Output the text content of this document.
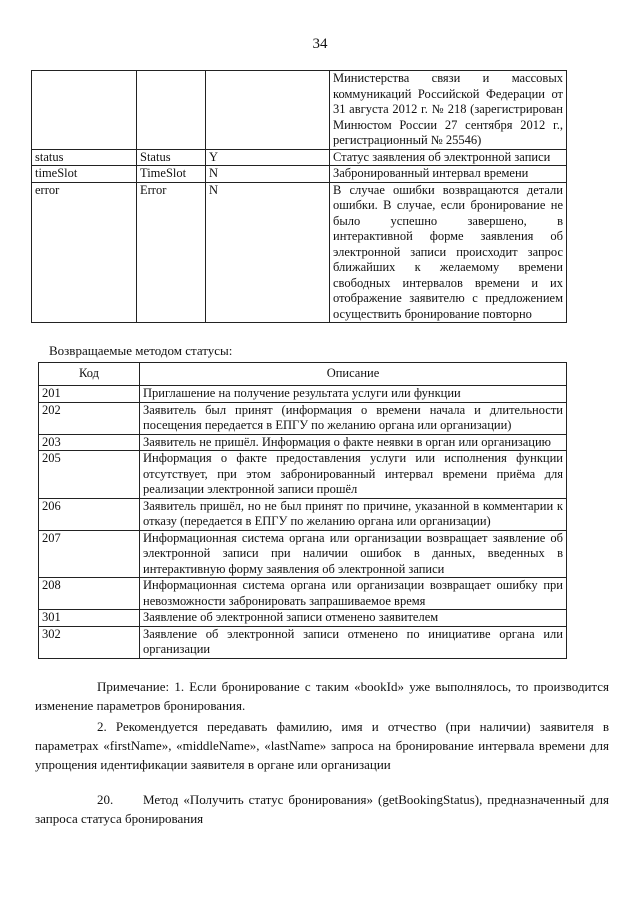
34
			Министерства связи и массовых коммуникаций Российской Федерации от 31 августа 2012 г. № 218 (зарегистрирован Минюстом России 27 сентября 2012 г., регистрационный № 25546)
status	Status	Y	Статус заявления об электронной записи
timeSlot	TimeSlot	N	Забронированный интервал времени
error	Error	N	В случае ошибки возвращаются детали ошибки. В случае, если бронирование не было успешно завершено, в интерактивной форме заявления об электронной записи происходит запрос ближайших к желаемому времени свободных интервалов времени и их отображение заявителю с предложением осуществить бронирование повторно
Возвращаемые методом статусы:
Код	Описание
201	Приглашение на получение результата услуги или функции
202	Заявитель был принят (информация о времени начала и длительности посещения передается в ЕПГУ по желанию органа или организации)
203	Заявитель не пришёл. Информация о факте неявки в орган или организацию
205	Информация о факте предоставления услуги или исполнения функции отсутствует, при этом забронированный интервал времени приёма для реализации электронной записи прошёл
206	Заявитель пришёл, но не был принят по причине, указанной в комментарии к отказу (передается в ЕПГУ по желанию органа или организации)
207	Информационная система органа или организации возвращает заявление об электронной записи при наличии ошибок в данных, введенных в интерактивную форму заявления об электронной записи
208	Информационная система органа или организации возвращает ошибку при невозможности забронировать запрашиваемое время
301	Заявление об электронной записи отменено заявителем
302	Заявление об электронной записи отменено по инициативе органа или организации

Примечание: 1. Если бронирование с таким «bookId» уже выполнялось, то производится изменение параметров бронирования.

2. Рекомендуется передавать фамилию, имя и отчество (при наличии) заявителя в параметрах «firstName», «middleName», «lastName» запроса на бронирование интервала времени для упрощения идентификации заявителя в органе или организации

20.      Метод «Получить статус бронирования» (getBookingStatus), предназначенный для запроса статуса бронирования
